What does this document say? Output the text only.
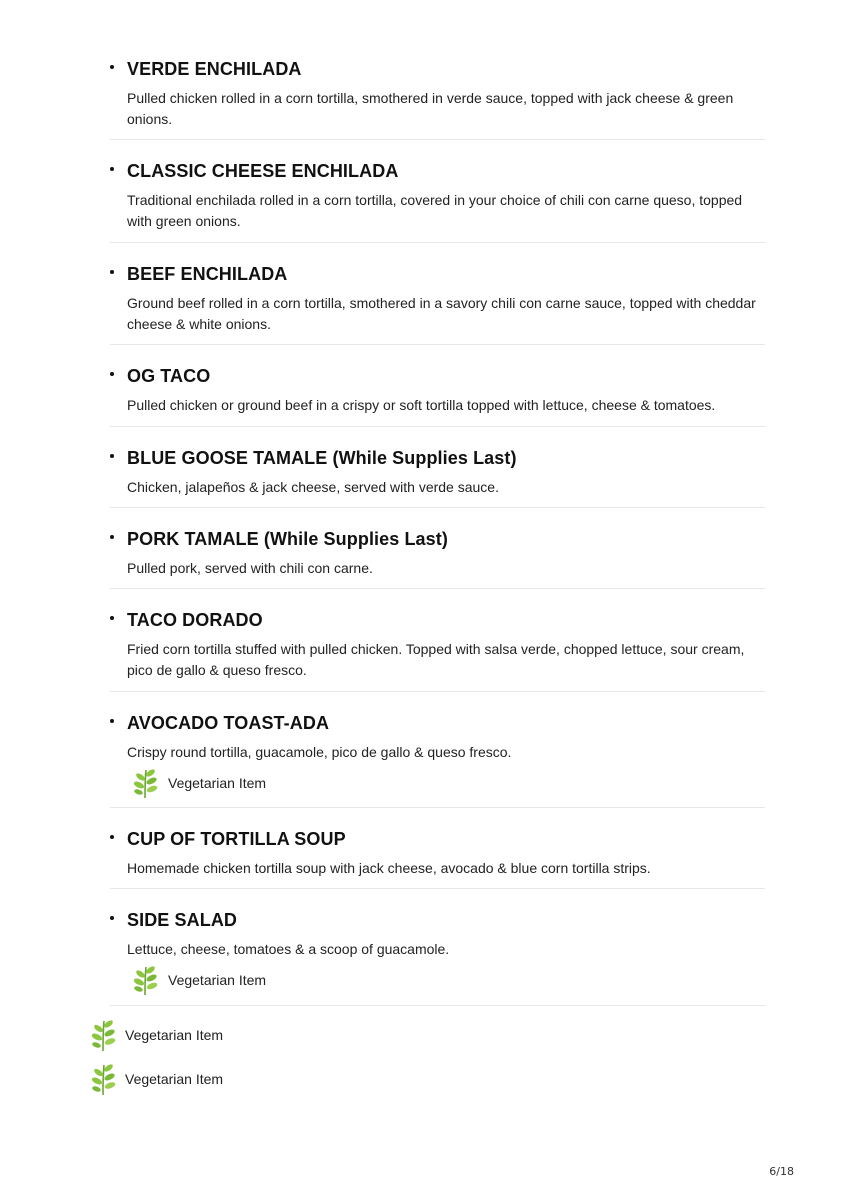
VERDE ENCHILADA
Pulled chicken rolled in a corn tortilla, smothered in verde sauce, topped with jack cheese & green onions.
CLASSIC CHEESE ENCHILADA
Traditional enchilada rolled in a corn tortilla, covered in your choice of chili con carne queso, topped with green onions.
BEEF ENCHILADA
Ground beef rolled in a corn tortilla, smothered in a savory chili con carne sauce, topped with cheddar cheese & white onions.
OG TACO
Pulled chicken or ground beef in a crispy or soft tortilla topped with lettuce, cheese & tomatoes.
BLUE GOOSE TAMALE (While Supplies Last)
Chicken, jalapeños & jack cheese, served with verde sauce.
PORK TAMALE (While Supplies Last)
Pulled pork, served with chili con carne.
TACO DORADO
Fried corn tortilla stuffed with pulled chicken. Topped with salsa verde, chopped lettuce, sour cream, pico de gallo & queso fresco.
AVOCADO TOAST-ADA
Crispy round tortilla, guacamole, pico de gallo & queso fresco.
Vegetarian Item
CUP OF TORTILLA SOUP
Homemade chicken tortilla soup with jack cheese, avocado & blue corn tortilla strips.
SIDE SALAD
Lettuce, cheese, tomatoes & a scoop of guacamole.
Vegetarian Item
Vegetarian Item
Vegetarian Item
6/18
